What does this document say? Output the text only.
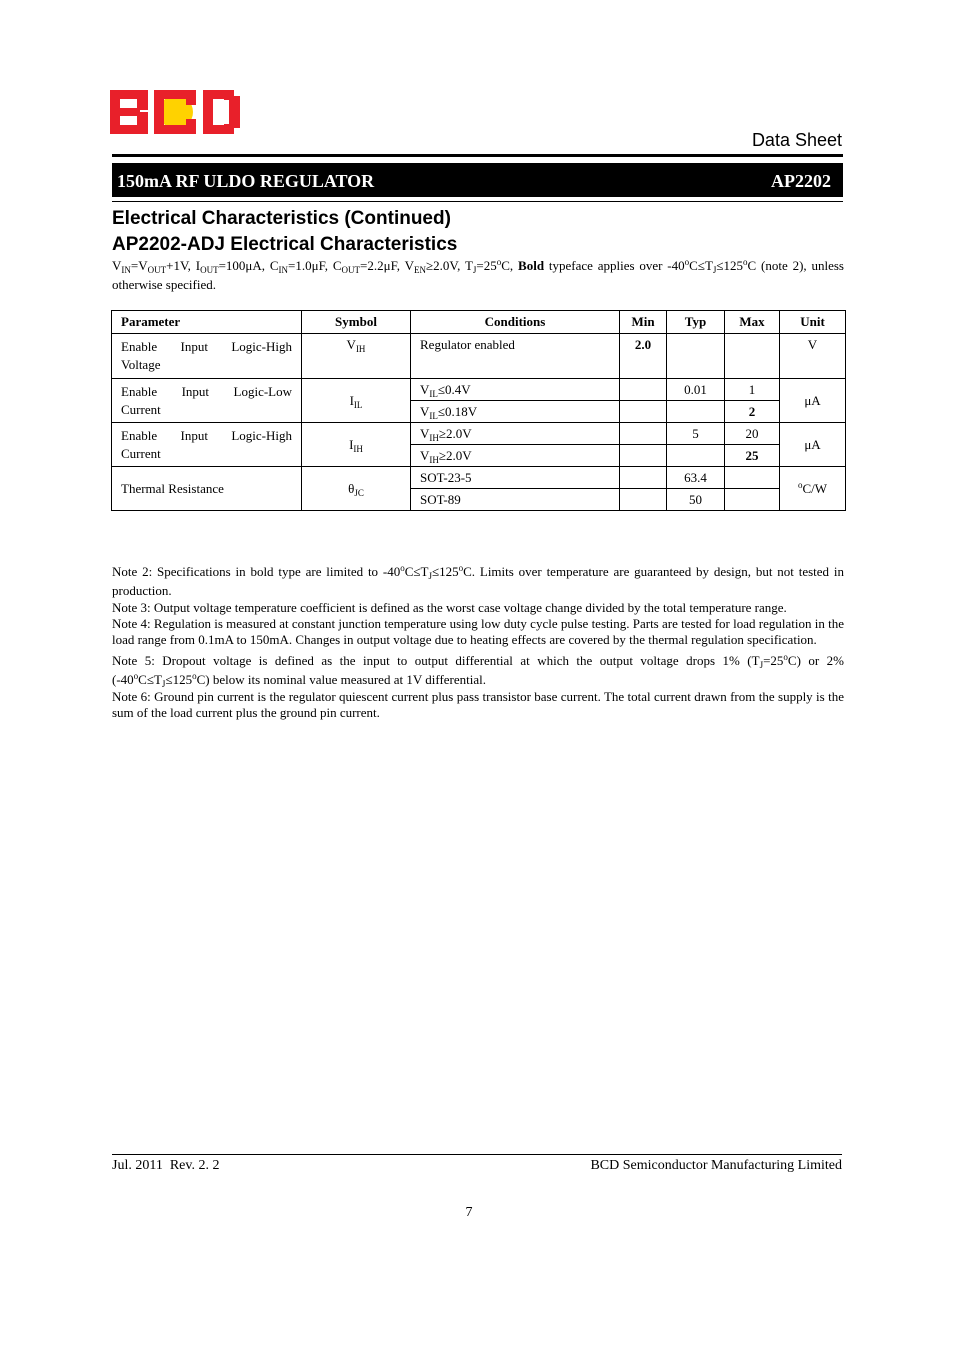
Data Sheet
150mA RF ULDO REGULATOR	AP2202
Electrical Characteristics (Continued)
AP2202-ADJ Electrical Characteristics
$V_{IN}=V_{OUT}+1V$, $I_{OUT}=100\mu A$, $C_{IN}=1.0\mu F$, $C_{OUT}=2.2\mu F$, $V_{EN}\ge 2.0V$, $T_J=25^oC$, Bold typeface applies over $-40^oC\le T_J\le 125^oC$ (note 2), unless otherwise specified.
Parameter	Symbol	Conditions	Min	Typ	Max	Unit

Enable Input Logic-High Voltage	$V_{IH}$	Regulator enabled	2.0			V

Enable Input Logic-Low Current	$I_{IL}$	$V_{IL}\le 0.4V$		0.01	1	μA
		$V_{IL}\le 0.18V$			2	

Enable Input Logic-High Current	$I_{IH}$	$V_{IH}\ge 2.0V$		5	20	μA
		$V_{IH}\ge 2.0V$			25	
Thermal Resistance	$\theta_{JC}$	SOT-23-5		63.4		$^o$C/W
		SOT-89		50		

Note 2: Specifications in bold type are limited to $-40^oC\le T_J\le 125^oC$. Limits over temperature are guaranteed by design, but not tested in production.

Note 3: Output voltage temperature coefficient is defined as the worst case voltage change divided by the total temperature range.

Note 4: Regulation is measured at constant junction temperature using low duty cycle pulse testing. Parts are tested for load regulation in the load range from 0.1mA to 150mA. Changes in output voltage due to heating effects are covered by the thermal regulation specification.

Note 5: Dropout voltage is defined as the input to output differential at which the output voltage drops 1% $(T_J=25^oC)$ or 2% $(-40^oC\le T_J\le 125^oC)$ below its nominal value measured at 1V differential.

Note 6: Ground pin current is the regulator quiescent current plus pass transistor base current. The total current drawn from the supply is the sum of the load current plus the ground pin current.

Jul. 2011  Rev. 2. 2	BCD Semiconductor Manufacturing Limited
7
